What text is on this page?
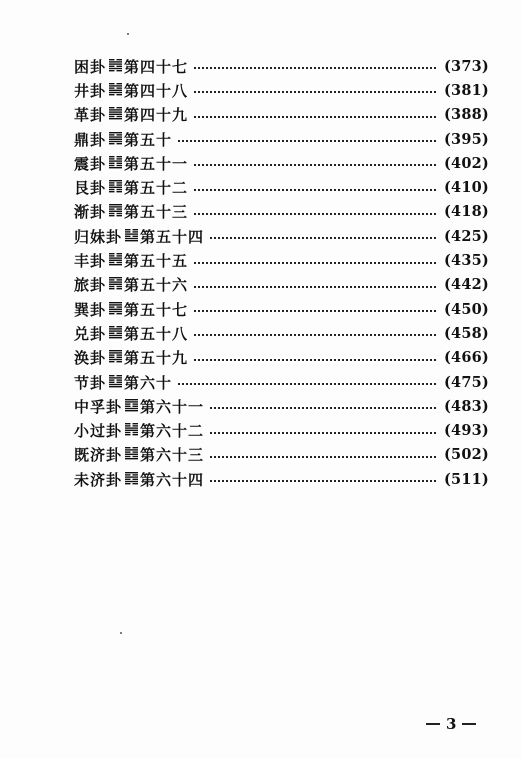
困卦 第四十七	(373)
井卦 第四十八	(381)
革卦 第四十九	(388)
鼎卦 第五十	(395)
震卦 第五十一	(402)
艮卦 第五十二	(410)
渐卦 第五十三	(418)
归妹卦 第五十四	(425)
丰卦 第五十五	(435)
旅卦 第五十六	(442)
巽卦 第五十七	(450)
兑卦 第五十八	(458)
涣卦 第五十九	(466)
节卦 第六十	(475)
中孚卦 第六十一	(483)
小过卦 第六十二	(493)
既济卦 第六十三	(502)
未济卦 第六十四	(511)
3
